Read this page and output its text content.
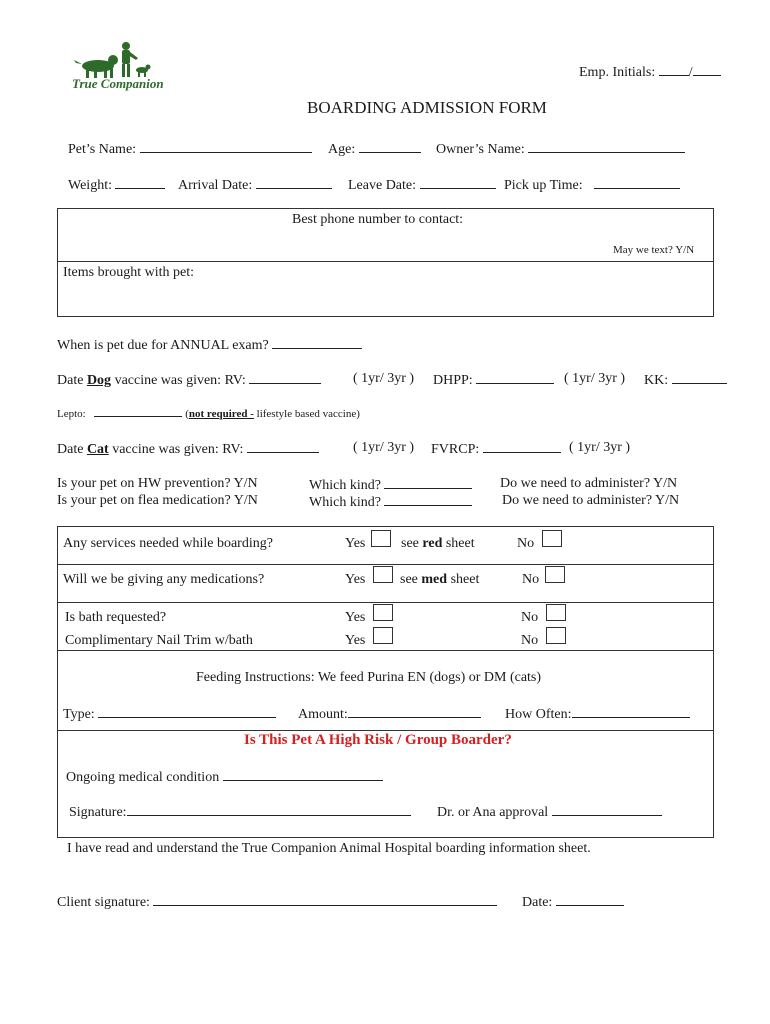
True Companion
Emp. Initials: /
BOARDING ADMISSION FORM
Pet’s Name:	Age:	Owner’s Name:
Weight:	Arrival Date:	Leave Date:	Pick up Time:
Best phone number to contact:
May we text? Y/N
Items brought with pet:
When is pet due for ANNUAL exam?
Date Dog vaccine was given: RV:	( 1yr/ 3yr ) DHPP:	( 1yr/ 3yr ) KK:
Lepto:	(not required - lifestyle based vaccine)
Date Cat vaccine was given: RV:	( 1yr/ 3yr ) FVRCP:	( 1yr/ 3yr )
Is your pet on HW prevention? Y/N	Which kind?	Do we need to administer? Y/N
Is your pet on flea medication? Y/N	Which kind?	Do we need to administer? Y/N
Any services needed while boarding?	Yes	see red sheet	No
Will we be giving any medications?	Yes see med sheet	No
Is bath requested?	Yes	No
Complimentary Nail Trim w/bath	Yes	No
Feeding Instructions: We feed Purina EN (dogs) or DM (cats)
Type:	Amount:	How Often:
Is This Pet A High Risk / Group Boarder?
Ongoing medical condition
Signature:	Dr. or Ana approval
I have read and understand the True Companion Animal Hospital boarding information sheet.
Client signature:	Date:
